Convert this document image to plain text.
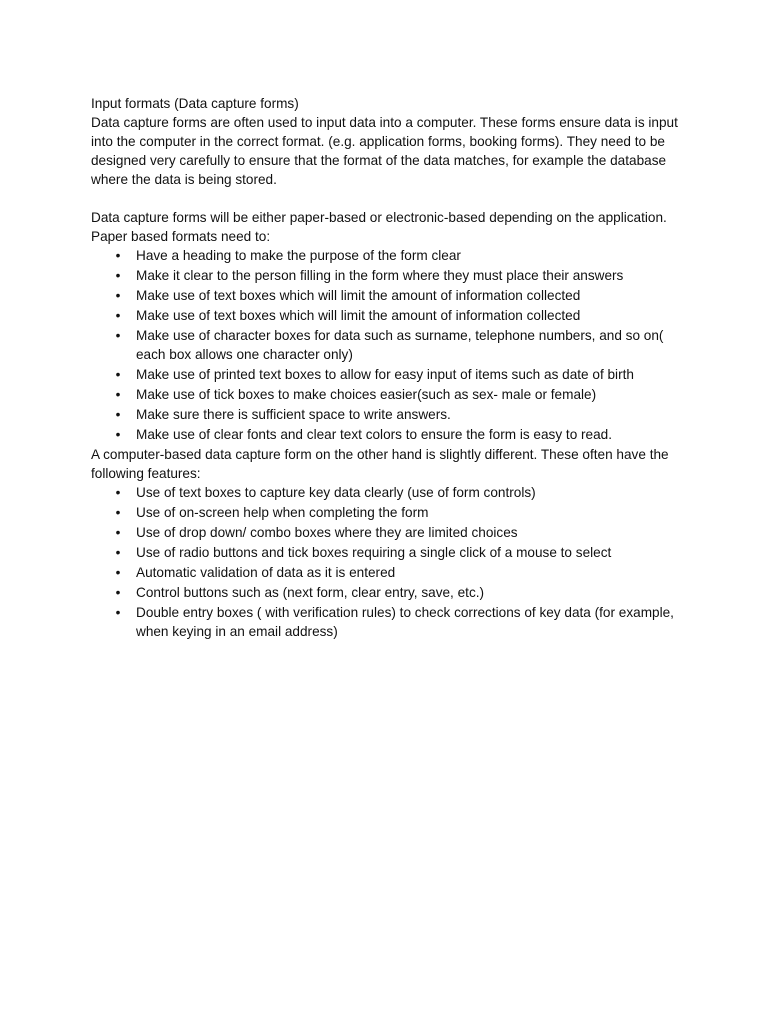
Input formats (Data capture forms)

Data capture forms are often used to input data into a computer. These forms ensure data is input into the computer in the correct format. (e.g. application forms, booking forms). They need to be designed very carefully to ensure that the format of the data matches, for example the database where the data is being stored.

Data capture forms will be either paper-based or electronic-based depending on the application.

Paper based formats need to:

• Have a heading to make the purpose of the form clear
• Make it clear to the person filling in the form where they must place their answers
• Make use of text boxes which will limit the amount of information collected
• Make use of text boxes which will limit the amount of information collected
• Make use of character boxes for data such as surname, telephone numbers, and so on( each box allows one character only)
• Make use of printed text boxes to allow for easy input of items such as date of birth
• Make use of tick boxes to make choices easier(such as sex- male or female)
• Make sure there is sufficient space to write answers.
• Make use of clear fonts and clear text colors to ensure the form is easy to read.

A computer-based data capture form on the other hand is slightly different. These often have the following features:

• Use of text boxes to capture key data clearly (use of form controls)
• Use of on-screen help when completing the form
• Use of drop down/ combo boxes where they are limited choices
• Use of radio buttons and tick boxes requiring a single click of a mouse to select
• Automatic validation of data as it is entered
• Control buttons such as (next form, clear entry, save, etc.)
• Double entry boxes ( with verification rules) to check corrections of key data (for example, when keying in an email address)
